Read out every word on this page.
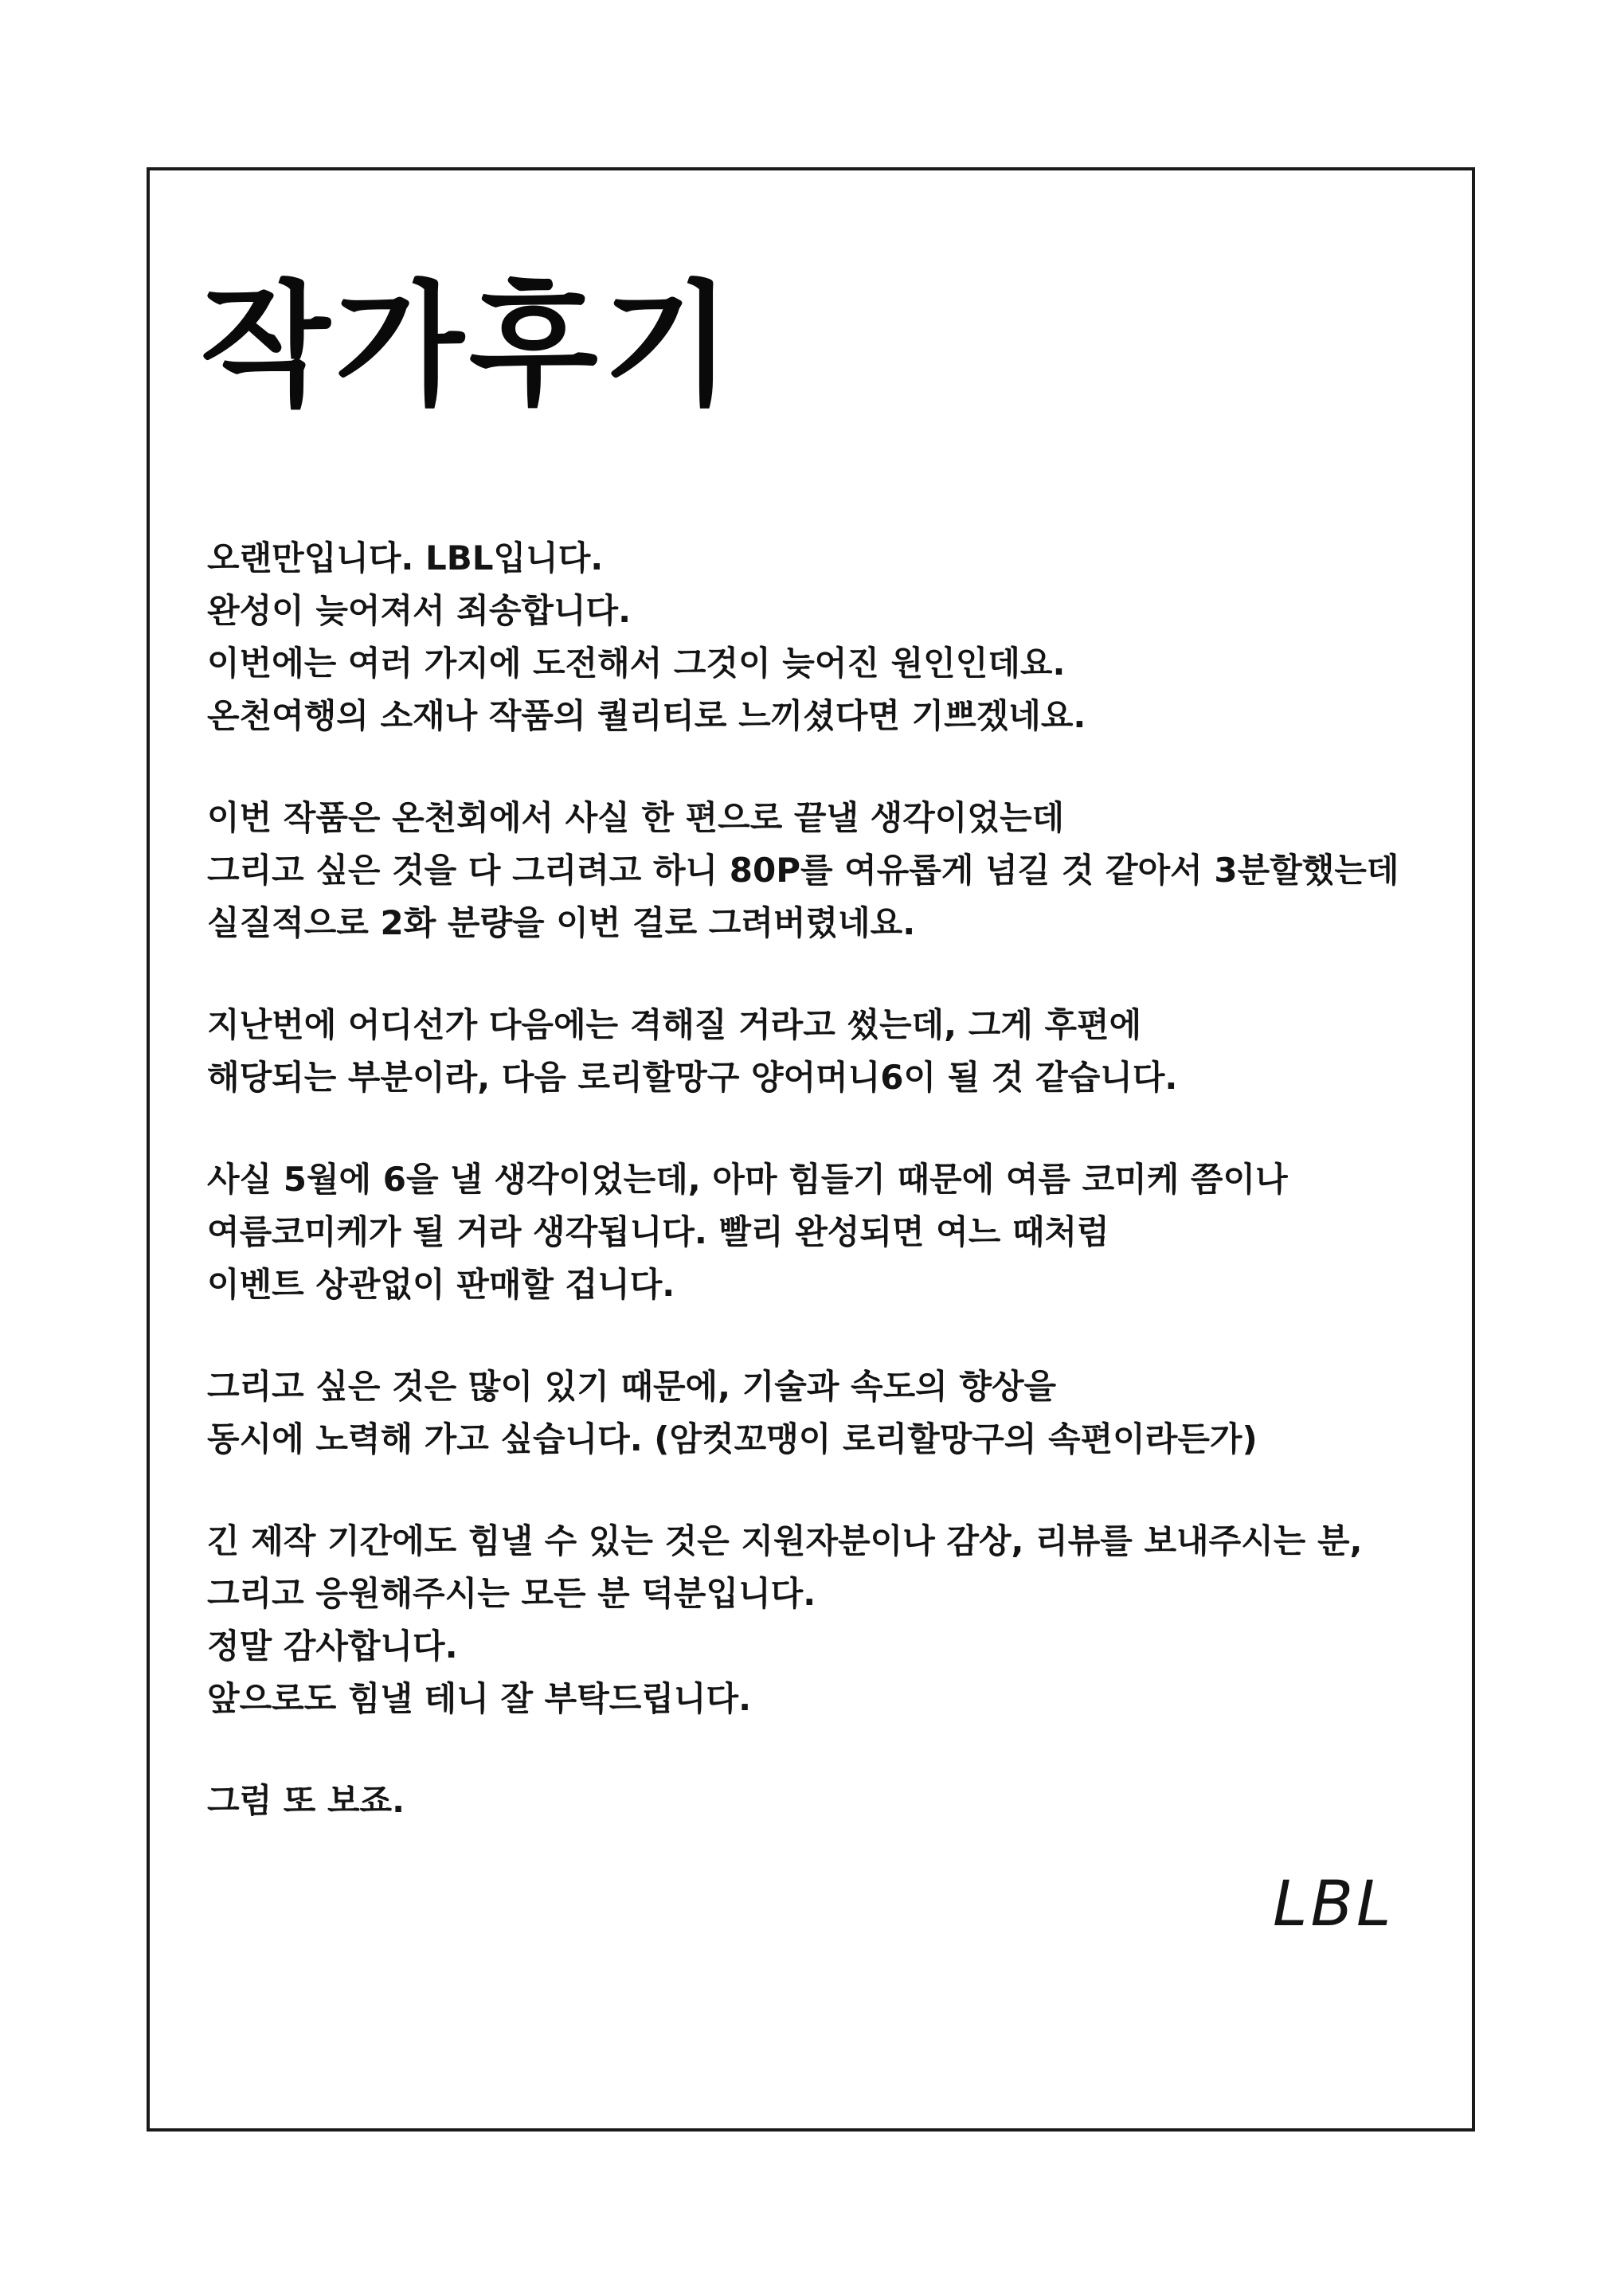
작가후기
오랜만입니다. LBL입니다.
완성이 늦어져서 죄송합니다.
이번에는 여러 가지에 도전해서 그것이 늦어진 원인인데요.
온천여행의 소재나 작품의 퀄리티로 느끼셨다면 기쁘겠네요.
이번 작품은 온천회에서 사실 한 편으로 끝낼 생각이었는데
그리고 싶은 것을 다 그리려고 하니 80P를 여유롭게 넘길 것 같아서 3분할했는데
실질적으로 2화 분량을 이번 걸로 그려버렸네요.
지난번에 어디선가 다음에는 격해질 거라고 썼는데, 그게 후편에
해당되는 부분이라, 다음 로리할망구 양어머니6이 될 것 같습니다.
사실 5월에 6을 낼 생각이었는데, 아마 힘들기 때문에 여름 코미케 쯤이나
여름코미케가 될 거라 생각됩니다. 빨리 완성되면 여느 때처럼
이벤트 상관없이 판매할 겁니다.
그리고 싶은 것은 많이 있기 때문에, 기술과 속도의 향상을
동시에 노력해 가고 싶습니다. (암컷꼬맹이 로리할망구의 속편이라든가)
긴 제작 기간에도 힘낼 수 있는 것은 지원자분이나 감상, 리뷰를 보내주시는 분,
그리고 응원해주시는 모든 분 덕분입니다.
정말 감사합니다.
앞으로도 힘낼 테니 잘 부탁드립니다.
그럼 또 보죠.
LBL
